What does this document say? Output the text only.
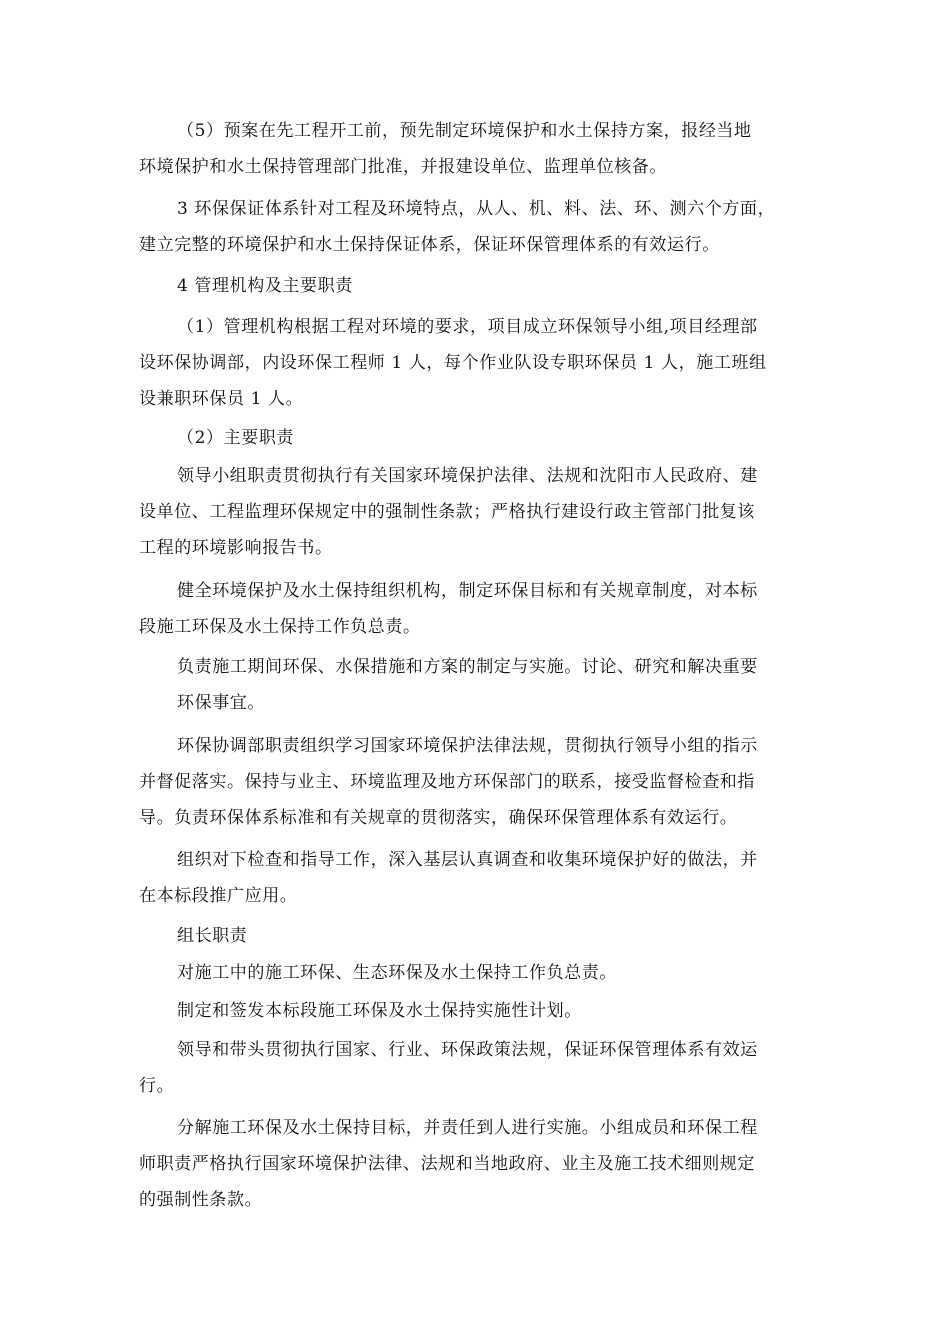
（5）预案在先工程开工前，预先制定环境保护和水土保持方案，报经当地
环境保护和水土保持管理部门批准，并报建设单位、监理单位核备。
3 环保保证体系针对工程及环境特点，从人、机、料、法、环、测六个方面，
建立完整的环境保护和水土保持保证体系，保证环保管理体系的有效运行。
4 管理机构及主要职责
（1）管理机构根据工程对环境的要求，项目成立环保领导小组,项目经理部
设环保协调部，内设环保工程师 1 人，每个作业队设专职环保员 1 人，施工班组
设兼职环保员 1 人。
（2）主要职责
领导小组职责贯彻执行有关国家环境保护法律、法规和沈阳市人民政府、建
设单位、工程监理环保规定中的强制性条款；严格执行建设行政主管部门批复该
工程的环境影响报告书。
健全环境保护及水土保持组织机构，制定环保目标和有关规章制度，对本标
段施工环保及水土保持工作负总责。
负责施工期间环保、水保措施和方案的制定与实施。讨论、研究和解决重要
环保事宜。
环保协调部职责组织学习国家环境保护法律法规，贯彻执行领导小组的指示
并督促落实。保持与业主、环境监理及地方环保部门的联系，接受监督检查和指
导。负责环保体系标准和有关规章的贯彻落实，确保环保管理体系有效运行。
组织对下检查和指导工作，深入基层认真调查和收集环境保护好的做法，并
在本标段推广应用。
组长职责
对施工中的施工环保、生态环保及水土保持工作负总责。
制定和签发本标段施工环保及水土保持实施性计划。
领导和带头贯彻执行国家、行业、环保政策法规，保证环保管理体系有效运
行。
分解施工环保及水土保持目标，并责任到人进行实施。小组成员和环保工程
师职责严格执行国家环境保护法律、法规和当地政府、业主及施工技术细则规定
的强制性条款。
